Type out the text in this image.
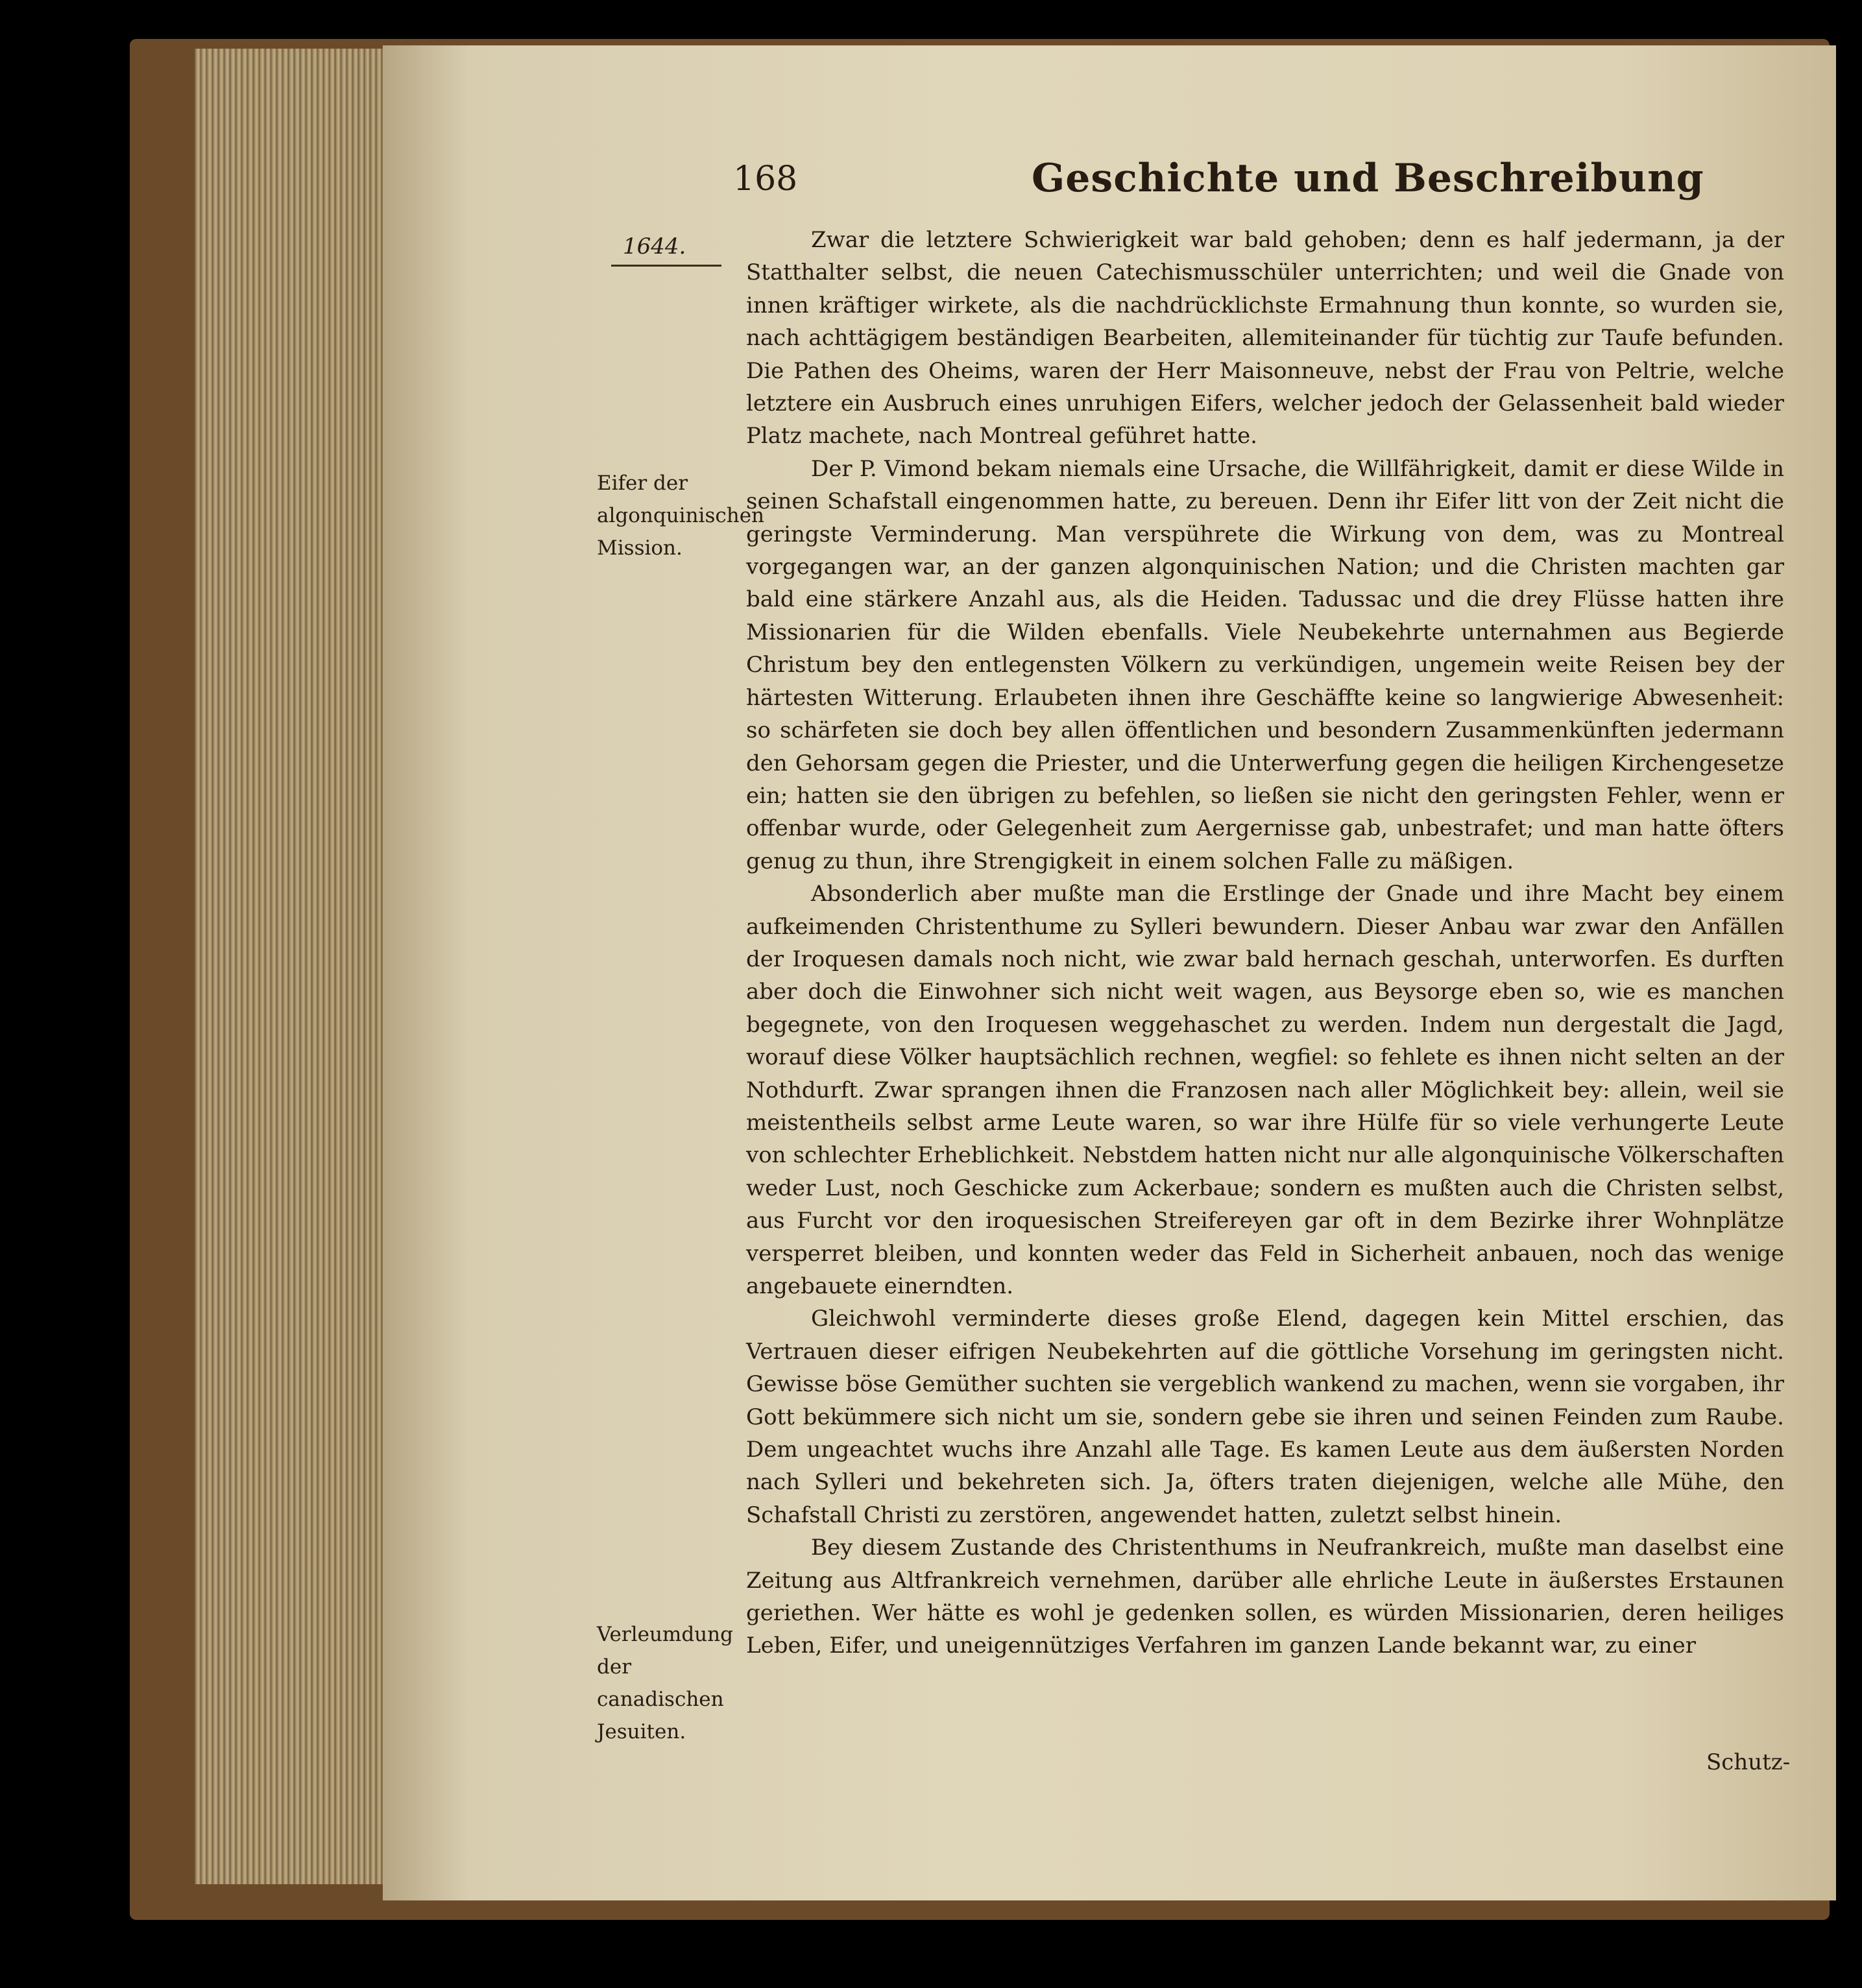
168	Geschichte und Beschreibung
1644.
Eifer der algonquinischen Mission.
Verleumdung der canadischen Jesuiten.

Zwar die letztere Schwierigkeit war bald gehoben; denn es half jedermann, ja der Statthalter selbst, die neuen Catechismusschüler unterrichten; und weil die Gnade von innen kräftiger wirkete, als die nachdrücklichste Ermahnung thun konnte, so wurden sie, nach achttägigem beständigen Bearbeiten, allemiteinander für tüchtig zur Taufe befunden. Die Pathen des Oheims, waren der Herr Maisonneuve, nebst der Frau von Peltrie, welche letztere ein Ausbruch eines unruhigen Eifers, welcher jedoch der Gelassenheit bald wieder Platz machete, nach Montreal geführet hatte.

Der P. Vimond bekam niemals eine Ursache, die Willfährigkeit, damit er diese Wilde in seinen Schafstall eingenommen hatte, zu bereuen. Denn ihr Eifer litt von der Zeit nicht die geringste Verminderung. Man verspührete die Wirkung von dem, was zu Montreal vorgegangen war, an der ganzen algonquinischen Nation; und die Christen machten gar bald eine stärkere Anzahl aus, als die Heiden. Tadussac und die drey Flüsse hatten ihre Missionarien für die Wilden ebenfalls. Viele Neubekehrte unternahmen aus Begierde Christum bey den entlegensten Völkern zu verkündigen, ungemein weite Reisen bey der härtesten Witterung. Erlaubeten ihnen ihre Geschäffte keine so langwierige Abwesenheit: so schärfeten sie doch bey allen öffentlichen und besondern Zusammenkünften jedermann den Gehorsam gegen die Priester, und die Unterwerfung gegen die heiligen Kirchengesetze ein; hatten sie den übrigen zu befehlen, so ließen sie nicht den geringsten Fehler, wenn er offenbar wurde, oder Gelegenheit zum Aergernisse gab, unbestrafet; und man hatte öfters genug zu thun, ihre Strengigkeit in einem solchen Falle zu mäßigen.

Absonderlich aber mußte man die Erstlinge der Gnade und ihre Macht bey einem aufkeimenden Christenthume zu Sylleri bewundern. Dieser Anbau war zwar den Anfällen der Iroquesen damals noch nicht, wie zwar bald hernach geschah, unterworfen. Es durften aber doch die Einwohner sich nicht weit wagen, aus Beysorge eben so, wie es manchen begegnete, von den Iroquesen weggehaschet zu werden. Indem nun dergestalt die Jagd, worauf diese Völker hauptsächlich rechnen, wegfiel: so fehlete es ihnen nicht selten an der Nothdurft. Zwar sprangen ihnen die Franzosen nach aller Möglichkeit bey: allein, weil sie meistentheils selbst arme Leute waren, so war ihre Hülfe für so viele verhungerte Leute von schlechter Erheblichkeit. Nebstdem hatten nicht nur alle algonquinische Völkerschaften weder Lust, noch Geschicke zum Ackerbaue; sondern es mußten auch die Christen selbst, aus Furcht vor den iroquesischen Streifereyen gar oft in dem Bezirke ihrer Wohnplätze versperret bleiben, und konnten weder das Feld in Sicherheit anbauen, noch das wenige angebauete einerndten.

Gleichwohl verminderte dieses große Elend, dagegen kein Mittel erschien, das Vertrauen dieser eifrigen Neubekehrten auf die göttliche Vorsehung im geringsten nicht. Gewisse böse Gemüther suchten sie vergeblich wankend zu machen, wenn sie vorgaben, ihr Gott bekümmere sich nicht um sie, sondern gebe sie ihren und seinen Feinden zum Raube. Dem ungeachtet wuchs ihre Anzahl alle Tage. Es kamen Leute aus dem äußersten Norden nach Sylleri und bekehreten sich. Ja, öfters traten diejenigen, welche alle Mühe, den Schafstall Christi zu zerstören, angewendet hatten, zuletzt selbst hinein.

Bey diesem Zustande des Christenthums in Neufrankreich, mußte man daselbst eine Zeitung aus Altfrankreich vernehmen, darüber alle ehrliche Leute in äußerstes Erstaunen geriethen. Wer hätte es wohl je gedenken sollen, es würden Missionarien, deren heiliges Leben, Eifer, und uneigennütziges Verfahren im ganzen Lande bekannt war, zu einer

Schutz-
